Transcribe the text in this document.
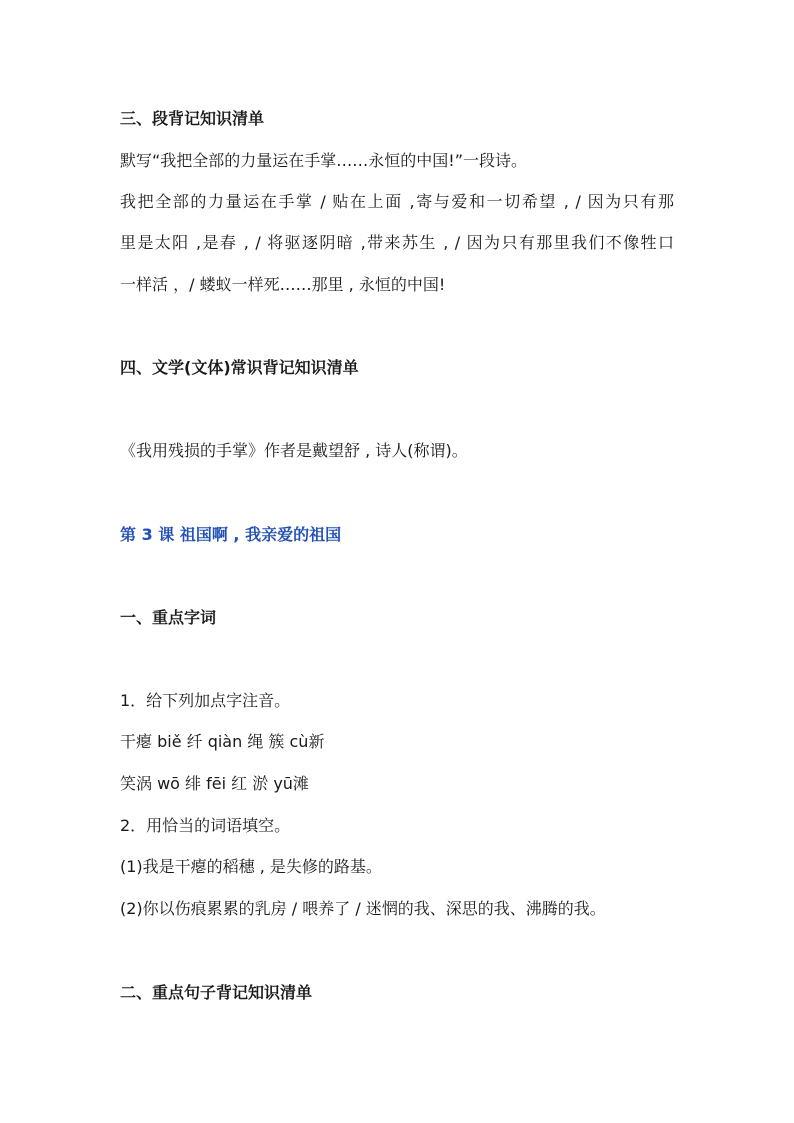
三、段背记知识清单
默写“我把全部的力量运在手掌……永恒的中国!”一段诗。
我把全部的力量运在手掌 / 贴在上面 ,寄与爱和一切希望 , / 因为只有那
里是太阳 ,是春 , / 将驱逐阴暗 ,带来苏生 , / 因为只有那里我们不像牲口
一样活 ，/ 蝼蚁一样死……那里 , 永恒的中国!
四、文学(文体)常识背记知识清单
《我用残损的手掌》作者是戴望舒 , 诗人(称谓)。
第 3 课 祖国啊 , 我亲爱的祖国
一、重点字词
1．给下列加点字注音。
干瘪 biě 纤 qiàn 绳 簇 cù新
笑涡 wō 绯 fēi 红 淤 yū滩
2．用恰当的词语填空。
(1)我是干瘪的稻穗 , 是失修的路基。
(2)你以伤痕累累的乳房 / 喂养了 / 迷惘的我、深思的我、沸腾的我。
二、重点句子背记知识清单
